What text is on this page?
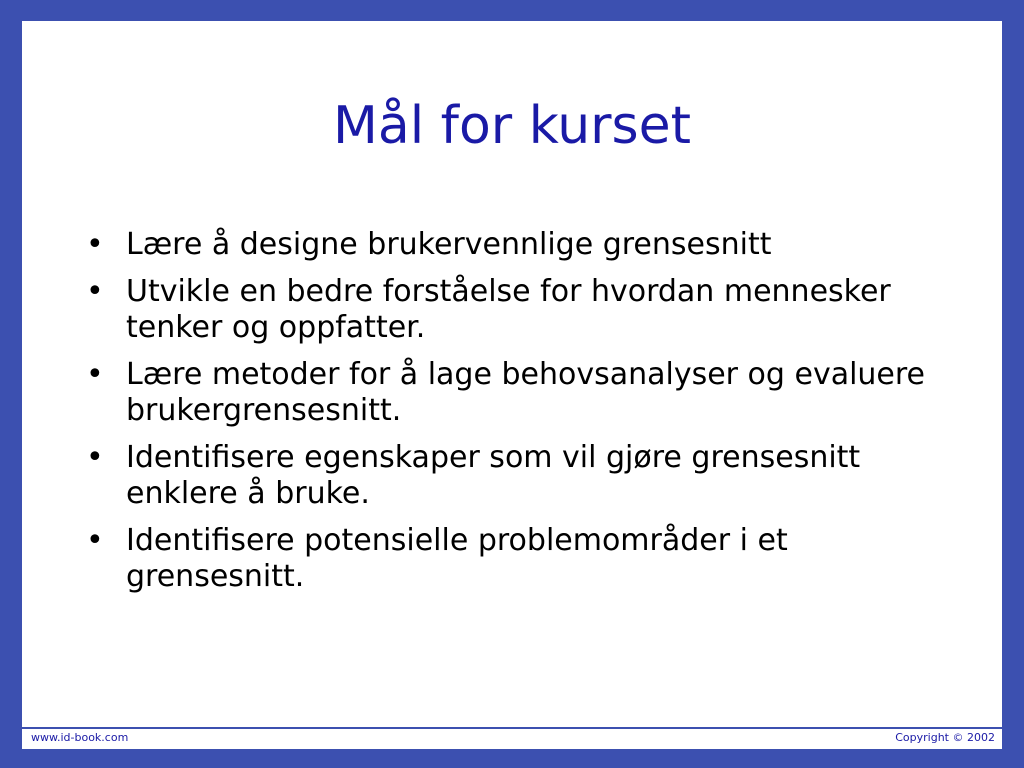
Mål for kurset
• Lære å designe brukervennlige grensesnitt
• Utvikle en bedre forståelse for hvordan mennesker tenker og oppfatter.
• Lære metoder for å lage behovsanalyser og evaluere brukergrensesnitt.
• Identifisere egenskaper som vil gjøre grensesnitt enklere å bruke.
• Identifisere potensielle problemområder i et grensesnitt.
www.id-book.com	Copyright © 2002
